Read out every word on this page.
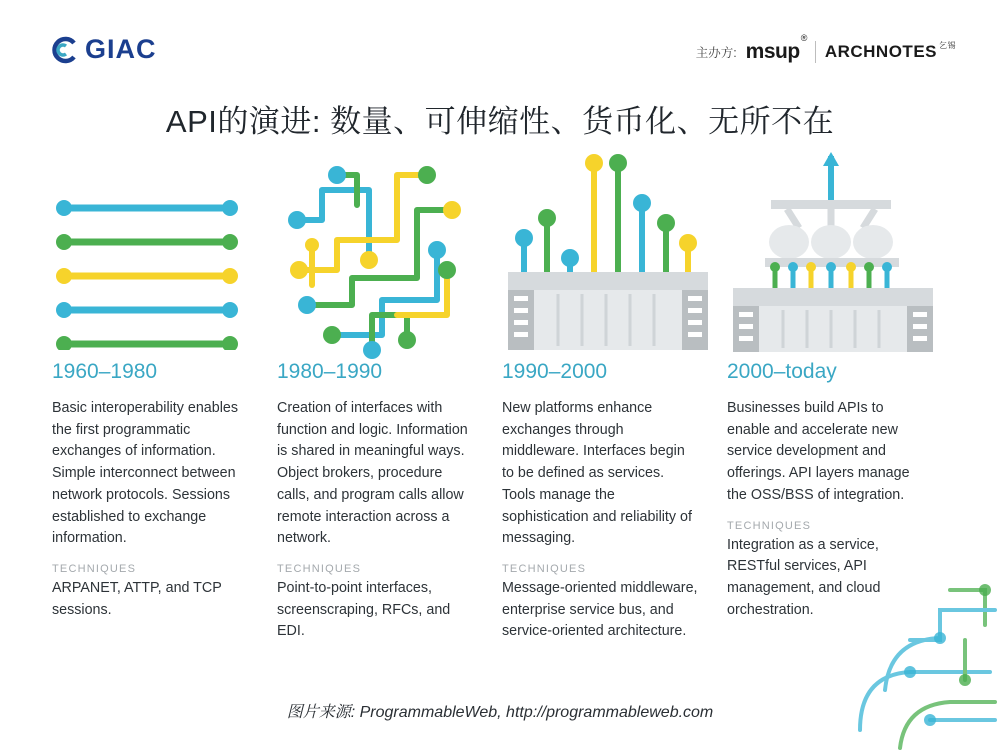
GIAC	主办方: msup®
ARCHNOTES 乞锡
API的演进: 数量、可伸缩性、货币化、无所不在
1960–1980
Basic interoperability enables the first programmatic exchanges of information. Simple interconnect between network protocols. Sessions established to exchange information.
TECHNIQUES
ARPANET, ATTP, and TCP sessions.
1980–1990
Creation of interfaces with function and logic. Information is shared in meaningful ways. Object brokers, procedure calls, and program calls allow remote interaction across a network.
TECHNIQUES
Point-to-point interfaces, screenscraping, RFCs, and EDI.
1990–2000
New platforms enhance exchanges through middleware. Interfaces begin to be defined as services. Tools manage the sophistication and reliability of messaging.
TECHNIQUES
Message-oriented middleware, enterprise service bus, and service-oriented architecture.
2000–today
Businesses build APIs to enable and accelerate new service development and offerings. API layers manage the OSS/BSS of integration.
TECHNIQUES
Integration as a service, RESTful services, API management, and cloud orchestration.
图片来源: ProgrammableWeb, http://programmableweb.com
